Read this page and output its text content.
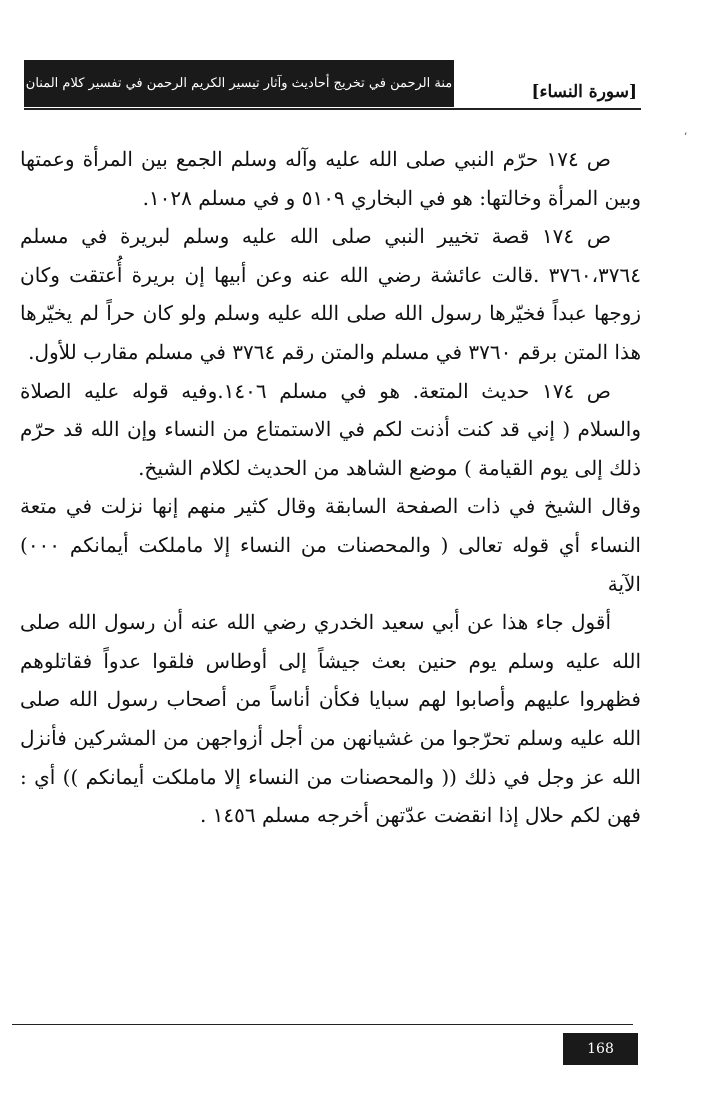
منة الرحمن في تخريج أحاديث وآثار تيسير الكريم الرحمن في تفسير كلام المنان	[سورة النساء]
’

ص ١٧٤ حرّم النبي صلى الله عليه وآله وسلم الجمع بين المرأة وعمتها وبين المرأة وخالتها: هو في البخاري ٥١٠٩ و في مسلم ١٠٢٨.

ص ١٧٤ قصة تخيير النبي صلى الله عليه وسلم لبريرة في مسلم ٣٧٦٠،٣٧٦٤ .قالت عائشة رضي الله عنه وعن أبيها إن بريرة أُعتقت وكان زوجها عبداً فخيّرها رسول الله صلى الله عليه وسلم ولو كان حراً لم يخيّرها هذا المتن برقم ٣٧٦٠ في مسلم والمتن رقم ٣٧٦٤ في مسلم مقارب للأول.

ص ١٧٤ حديث المتعة. هو في مسلم ١٤٠٦.وفيه قوله عليه الصلاة والسلام ( إني قد كنت أذنت لكم في الاستمتاع من النساء وإن الله قد حرّم ذلك إلى يوم القيامة ) موضع الشاهد من الحديث لكلام الشيخ.

وقال الشيخ في ذات الصفحة السابقة وقال كثير منهم إنها نزلت في متعة النساء أي قوله تعالى ( والمحصنات من النساء إلا ماملكت أيمانكم ٠٠٠) الآية

أقول جاء هذا عن أبي سعيد الخدري رضي الله عنه أن رسول الله صلى الله عليه وسلم يوم حنين بعث جيشاً إلى أوطاس فلقوا عدواً فقاتلوهم فظهروا عليهم وأصابوا لهم سبايا فكأن أناساً من أصحاب رسول الله صلى الله عليه وسلم تحرّجوا من غشيانهن من أجل أزواجهن من المشركين فأنزل الله عز وجل في ذلك (( والمحصنات من النساء إلا ماملكت أيمانكم )) أي : فهن لكم حلال إذا انقضت عدّتهن أخرجه مسلم ١٤٥٦ .

168
